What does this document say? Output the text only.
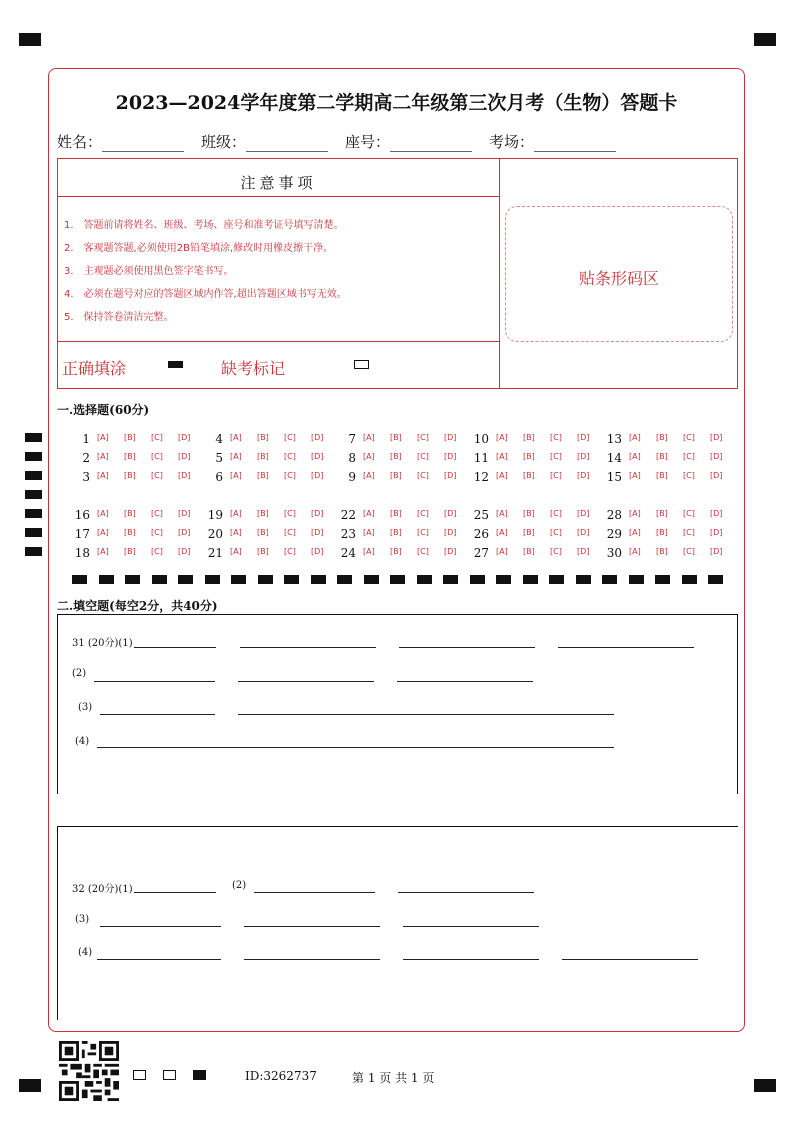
2023—2024学年度第二学期高二年级第三次月考（生物）答题卡
姓名：	班级：	座号：	考场：
注意事项
1.　答题前请将姓名、班级、考场、座号和准考证号填写清楚。
2.　客观题答题,必须使用2B铅笔填涂,修改时用橡皮擦干净。
3.　主观题必须使用黑色签字笔书写。
4.　必须在题号对应的答题区域内作答,超出答题区域书写无效。
5.　保持答卷清洁完整。
正确填涂	缺考标记
贴条形码区
一.选择题(60分)
1 [A] [B] [C] [D]
2 [A] [B] [C] [D]
3 [A] [B] [C] [D]
4 [A] [B] [C] [D]
5 [A] [B] [C] [D]
6 [A] [B] [C] [D]
7 [A] [B] [C] [D]
8 [A] [B] [C] [D]
9 [A] [B] [C] [D]
10 [A] [B] [C] [D]
11 [A] [B] [C] [D]
12 [A] [B] [C] [D]
13 [A] [B] [C] [D]
14 [A] [B] [C] [D]
15 [A] [B] [C] [D]
16 [A] [B] [C] [D]
17 [A] [B] [C] [D]
18 [A] [B] [C] [D]
19 [A] [B] [C] [D]
20 [A] [B] [C] [D]
21 [A] [B] [C] [D]
22 [A] [B] [C] [D]
23 [A] [B] [C] [D]
24 [A] [B] [C] [D]
25 [A] [B] [C] [D]
26 [A] [B] [C] [D]
27 [A] [B] [C] [D]
28 [A] [B] [C] [D]
29 [A] [B] [C] [D]
30 [A] [B] [C] [D]
二.填空题(每空2分，共40分)
31 (20分)(1)
(2)
(3)
(4)
32 (20分)(1)	(2)
(3)
(4)
ID:3262737	第 1 页 共 1 页
